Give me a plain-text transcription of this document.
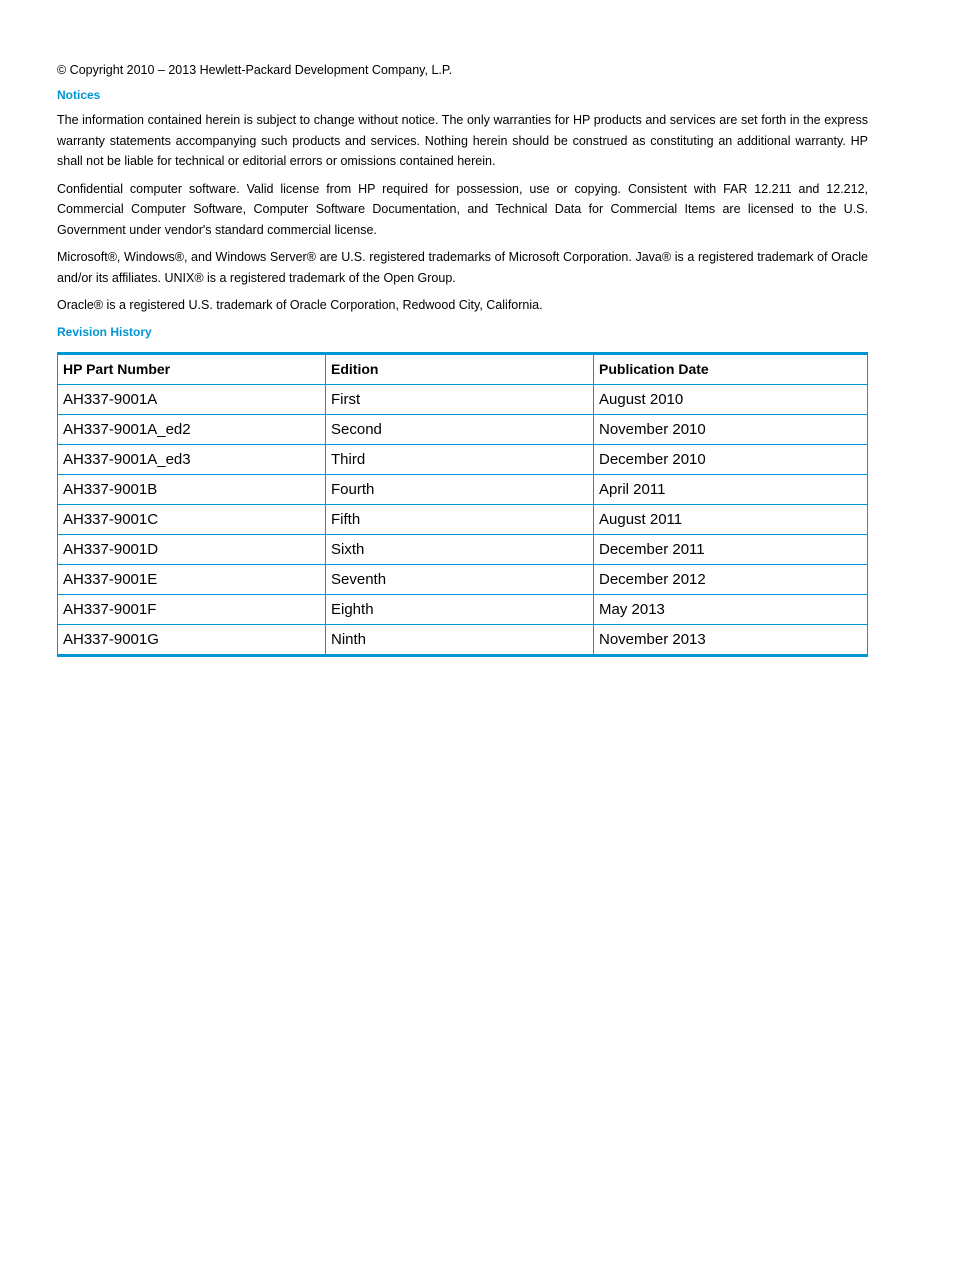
© Copyright 2010 – 2013 Hewlett-Packard Development Company, L.P.

Notices

The information contained herein is subject to change without notice. The only warranties for HP products and services are set forth in the express warranty statements accompanying such products and services. Nothing herein should be construed as constituting an additional warranty. HP shall not be liable for technical or editorial errors or omissions contained herein.

Confidential computer software. Valid license from HP required for possession, use or copying. Consistent with FAR 12.211 and 12.212, Commercial Computer Software, Computer Software Documentation, and Technical Data for Commercial Items are licensed to the U.S. Government under vendor's standard commercial license.

Microsoft®, Windows®, and Windows Server® are U.S. registered trademarks of Microsoft Corporation. Java® is a registered trademark of Oracle and/or its affiliates. UNIX® is a registered trademark of the Open Group.

Oracle® is a registered U.S. trademark of Oracle Corporation, Redwood City, California.

Revision History
HP Part Number	Edition	Publication Date
AH337-9001A	First	August 2010
AH337-9001A_ed2	Second	November 2010
AH337-9001A_ed3	Third	December 2010
AH337-9001B	Fourth	April 2011
AH337-9001C	Fifth	August 2011
AH337-9001D	Sixth	December 2011
AH337-9001E	Seventh	December 2012
AH337-9001F	Eighth	May 2013
AH337-9001G	Ninth	November 2013
